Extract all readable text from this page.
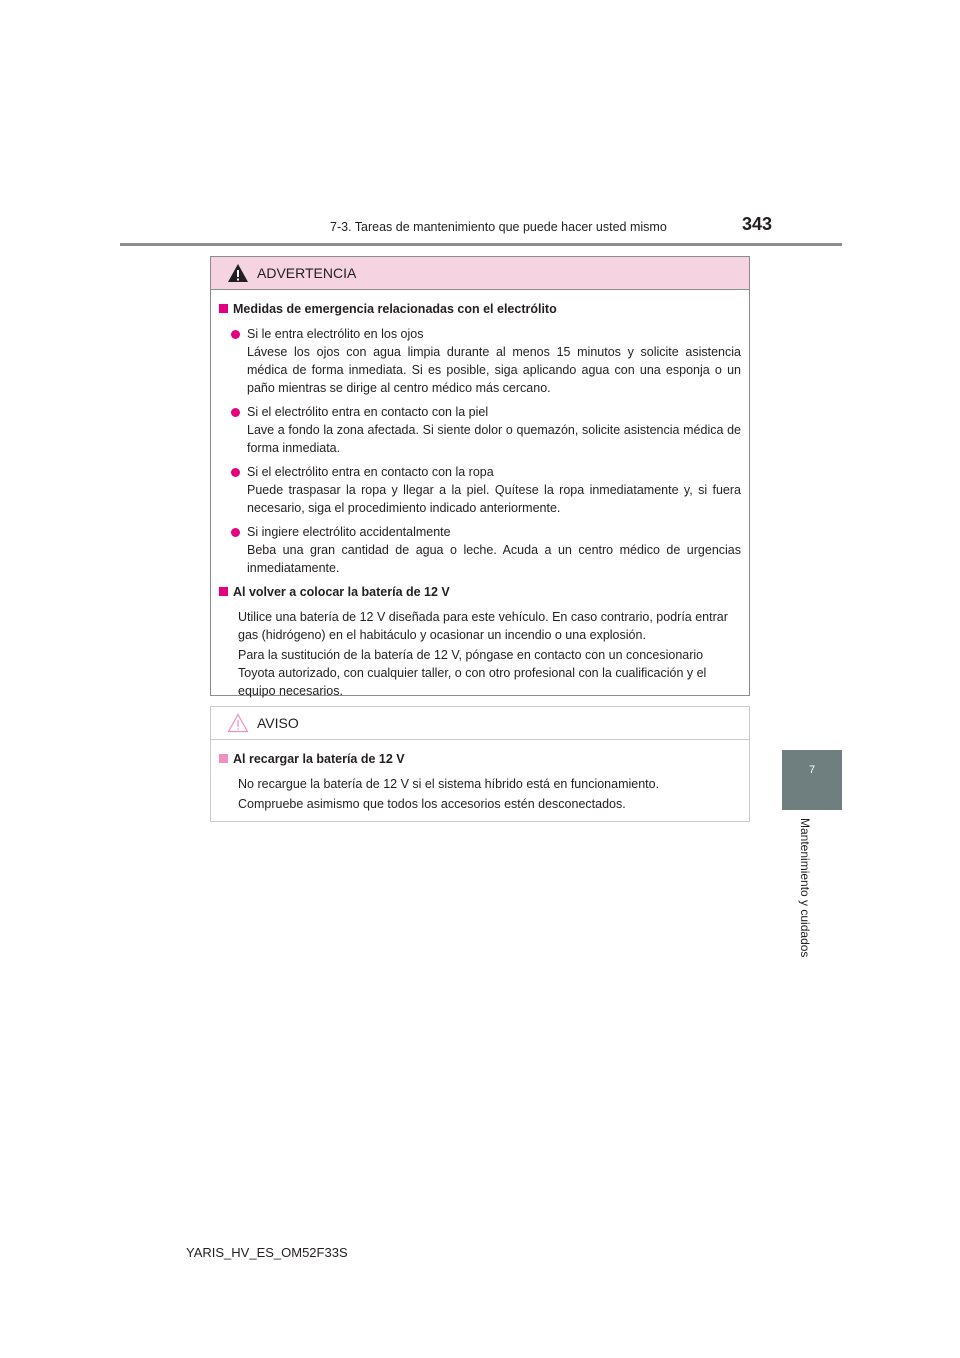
7-3. Tareas de mantenimiento que puede hacer usted mismo	343
7
Mantenimiento y cuidados
ADVERTENCIA
Medidas de emergencia relacionadas con el electrólito
Si le entra electrólito en los ojos
Lávese los ojos con agua limpia durante al menos 15 minutos y solicite asistencia médica de forma inmediata. Si es posible, siga aplicando agua con una esponja o un paño mientras se dirige al centro médico más cercano.
Si el electrólito entra en contacto con la piel
Lave a fondo la zona afectada. Si siente dolor o quemazón, solicite asistencia médica de forma inmediata.
Si el electrólito entra en contacto con la ropa
Puede traspasar la ropa y llegar a la piel. Quítese la ropa inmediatamente y, si fuera necesario, siga el procedimiento indicado anteriormente.
Si ingiere electrólito accidentalmente
Beba una gran cantidad de agua o leche. Acuda a un centro médico de urgencias inmediatamente.
Al volver a colocar la batería de 12 V
Utilice una batería de 12 V diseñada para este vehículo. En caso contrario, podría entrar gas (hidrógeno) en el habitáculo y ocasionar un incendio o una explosión.
Para la sustitución de la batería de 12 V, póngase en contacto con un concesionario Toyota autorizado, con cualquier taller, o con otro profesional con la cualificación y el equipo necesarios.
AVISO
Al recargar la batería de 12 V
No recargue la batería de 12 V si el sistema híbrido está en funcionamiento.
Compruebe asimismo que todos los accesorios estén desconectados.
YARIS_HV_ES_OM52F33S
